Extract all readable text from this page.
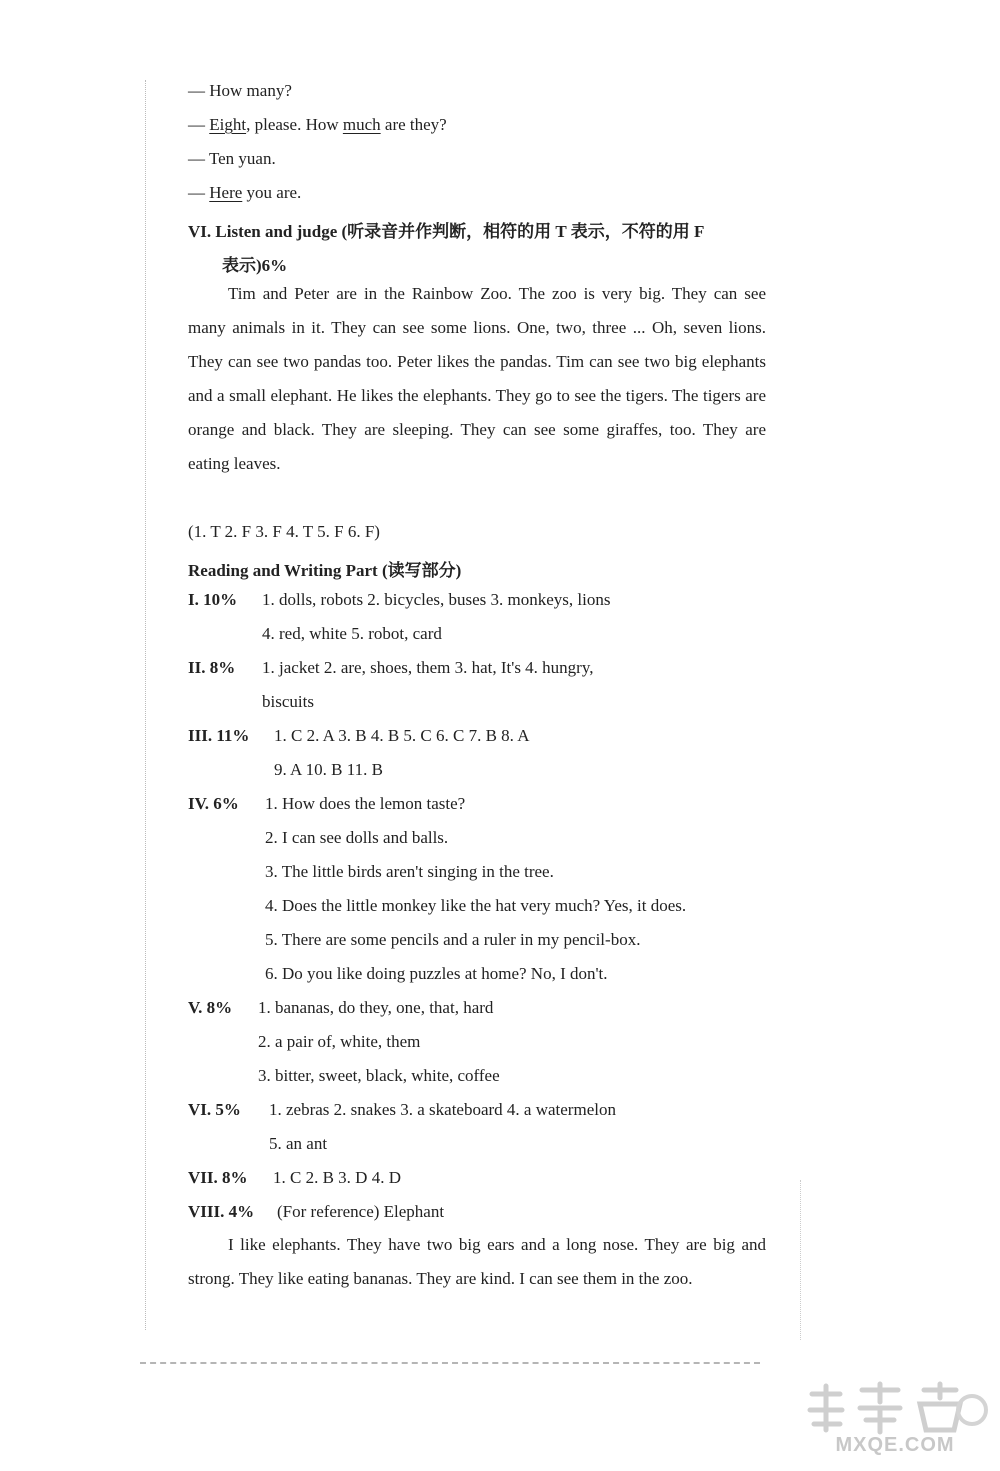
— How many?
— Eight, please. How much are they?
— Ten yuan.
— Here you are.
VI. Listen and judge (听录音并作判断，相符的用 T 表示，不符的用 F
表示)6%
Tim and Peter are in the Rainbow Zoo. The zoo is very big. They can see many animals in it. They can see some lions. One, two, three ... Oh, seven lions. They can see two pandas too. Peter likes the pandas. Tim can see two big elephants and a small elephant. He likes the elephants. They go to see the tigers. The tigers are orange and black. They are sleeping. They can see some giraffes, too. They are eating leaves.
(1. T 2. F 3. F 4. T 5. F 6. F)
Reading and Writing Part (读写部分)
I. 10% 1. dolls, robots 2. bicycles, buses 3. monkeys, lions
4. red, white 5. robot, card
II. 8% 1. jacket 2. are, shoes, them 3. hat, It's 4. hungry,
biscuits
III. 11% 1. C 2. A 3. B 4. B 5. C 6. C 7. B 8. A
9. A 10. B 11. B
IV. 6% 1. How does the lemon taste?
2. I can see dolls and balls.
3. The little birds aren't singing in the tree.
4. Does the little monkey like the hat very much? Yes, it does.
5. There are some pencils and a ruler in my pencil-box.
6. Do you like doing puzzles at home? No, I don't.
V. 8% 1. bananas, do they, one, that, hard
2. a pair of, white, them
3. bitter, sweet, black, white, coffee
VI. 5% 1. zebras 2. snakes 3. a skateboard 4. a watermelon
5. an ant
VII. 8% 1. C 2. B 3. D 4. D
VIII. 4% (For reference) Elephant
I like elephants. They have two big ears and a long nose. They are big and strong. They like eating bananas. They are kind. I can see them in the zoo.
MXQE.COM
